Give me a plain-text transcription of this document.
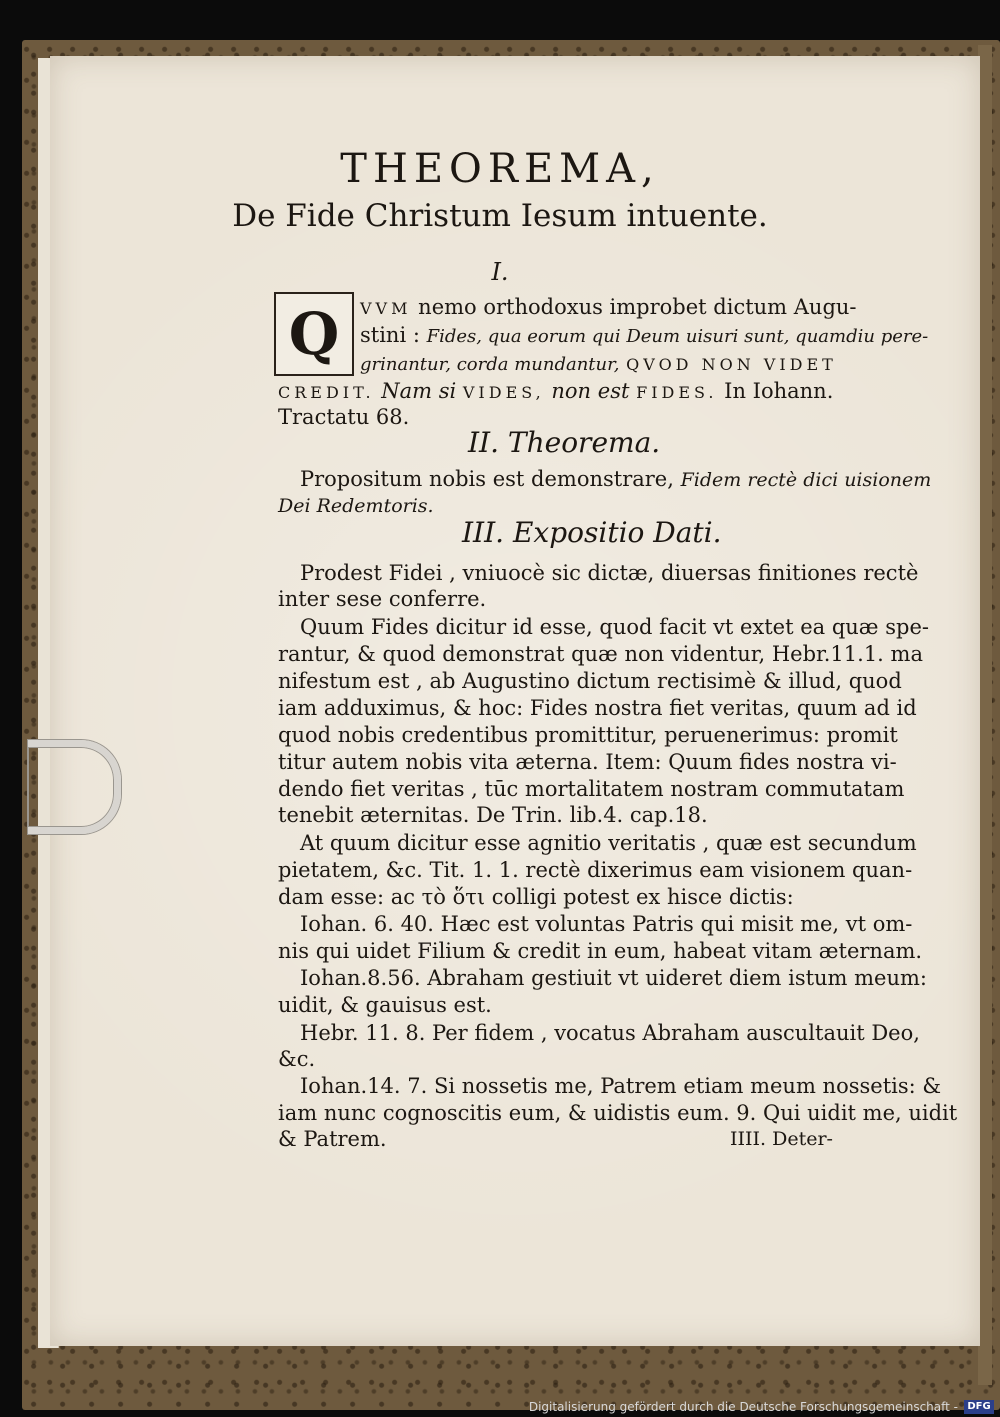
THEOREMA,
De Fide Christum Iesum intuente.
I.
Q VVM nemo orthodoxus improbet dictum Augu-
stini : Fides, qua eorum qui Deum uisuri sunt, quamdiu pere-
grinantur, corda mundantur, QVOD NON VIDET
CREDIT. Nam si VIDES, non est FIDES. In Iohann.
Tractatu 68.
II. Theorema.
Propositum nobis est demonstrare, Fidem rectè dici uisionem
Dei Redemtoris.
III. Expositio Dati.
Prodest Fidei , vniuocè sic dictæ, diuersas finitiones rectè
inter sese conferre.
Quum Fides dicitur id esse, quod facit vt extet ea quæ spe-
rantur, & quod demonstrat quæ non videntur, Hebr.11.1. ma
nifestum est , ab Augustino dictum rectisimè & illud, quod
iam adduximus, & hoc: Fides nostra fiet veritas, quum ad id
quod nobis credentibus promittitur, peruenerimus: promit
titur autem nobis vita æterna. Item: Quum fides nostra vi-
dendo fiet veritas , tūc mortalitatem nostram commutatam
tenebit æternitas. De Trin. lib.4. cap.18.
At quum dicitur esse agnitio veritatis , quæ est secundum
pietatem, &c. Tit. 1. 1. rectè dixerimus eam visionem quan-
dam esse: ac τὸ ὅτι colligi potest ex hisce dictis:
Iohan. 6. 40. Hæc est voluntas Patris qui misit me, vt om-
nis qui uidet Filium & credit in eum, habeat vitam æternam.
Iohan.8.56. Abraham gestiuit vt uideret diem istum meum:
uidit, & gauisus est.
Hebr. 11. 8. Per fidem , vocatus Abraham auscultauit Deo,
&c.
Iohan.14. 7. Si nossetis me, Patrem etiam meum nossetis: &
iam nunc cognoscitis eum, & uidistis eum. 9. Qui uidit me, uidit
& Patrem.	IIII. Deter-
Digitalisierung gefördert durch die Deutsche Forschungsgemeinschaft - DFG
